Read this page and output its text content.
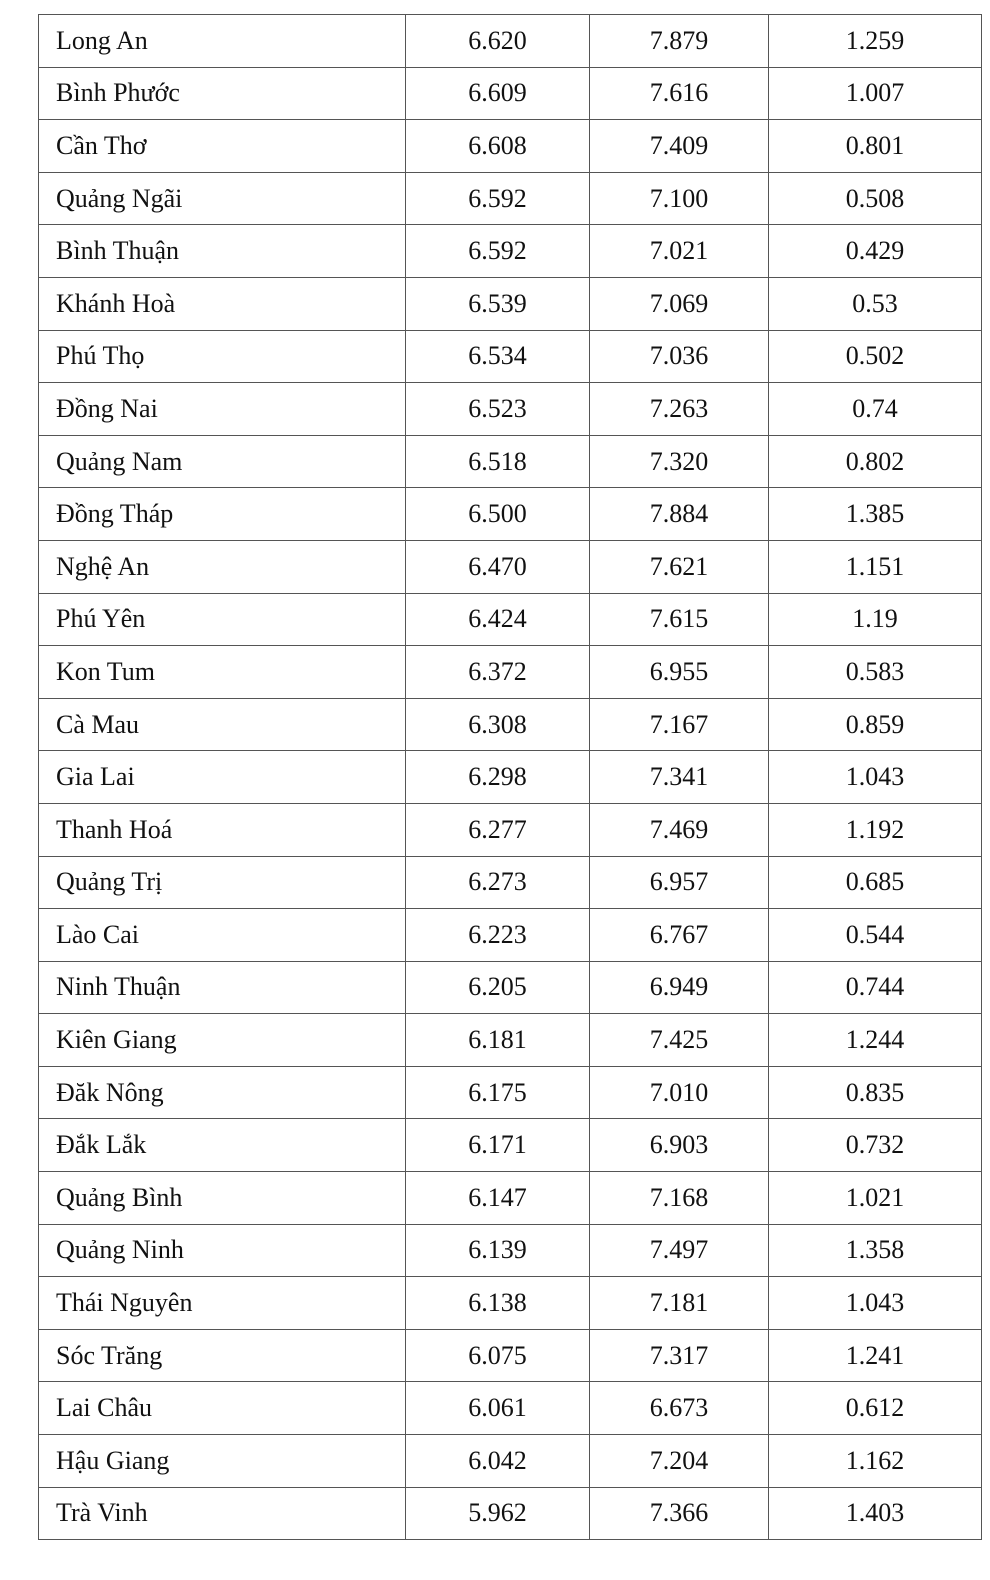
Long An	6.620	7.879	1.259
Bình Phước	6.609	7.616	1.007
Cần Thơ	6.608	7.409	0.801
Quảng Ngãi	6.592	7.100	0.508
Bình Thuận	6.592	7.021	0.429
Khánh Hoà	6.539	7.069	0.53
Phú Thọ	6.534	7.036	0.502
Đồng Nai	6.523	7.263	0.74
Quảng Nam	6.518	7.320	0.802
Đồng Tháp	6.500	7.884	1.385
Nghệ An	6.470	7.621	1.151
Phú Yên	6.424	7.615	1.19
Kon Tum	6.372	6.955	0.583
Cà Mau	6.308	7.167	0.859
Gia Lai	6.298	7.341	1.043
Thanh Hoá	6.277	7.469	1.192
Quảng Trị	6.273	6.957	0.685
Lào Cai	6.223	6.767	0.544
Ninh Thuận	6.205	6.949	0.744
Kiên Giang	6.181	7.425	1.244
Đăk Nông	6.175	7.010	0.835
Đắk Lắk	6.171	6.903	0.732
Quảng Bình	6.147	7.168	1.021
Quảng Ninh	6.139	7.497	1.358
Thái Nguyên	6.138	7.181	1.043
Sóc Trăng	6.075	7.317	1.241
Lai Châu	6.061	6.673	0.612
Hậu Giang	6.042	7.204	1.162
Trà Vinh	5.962	7.366	1.403
